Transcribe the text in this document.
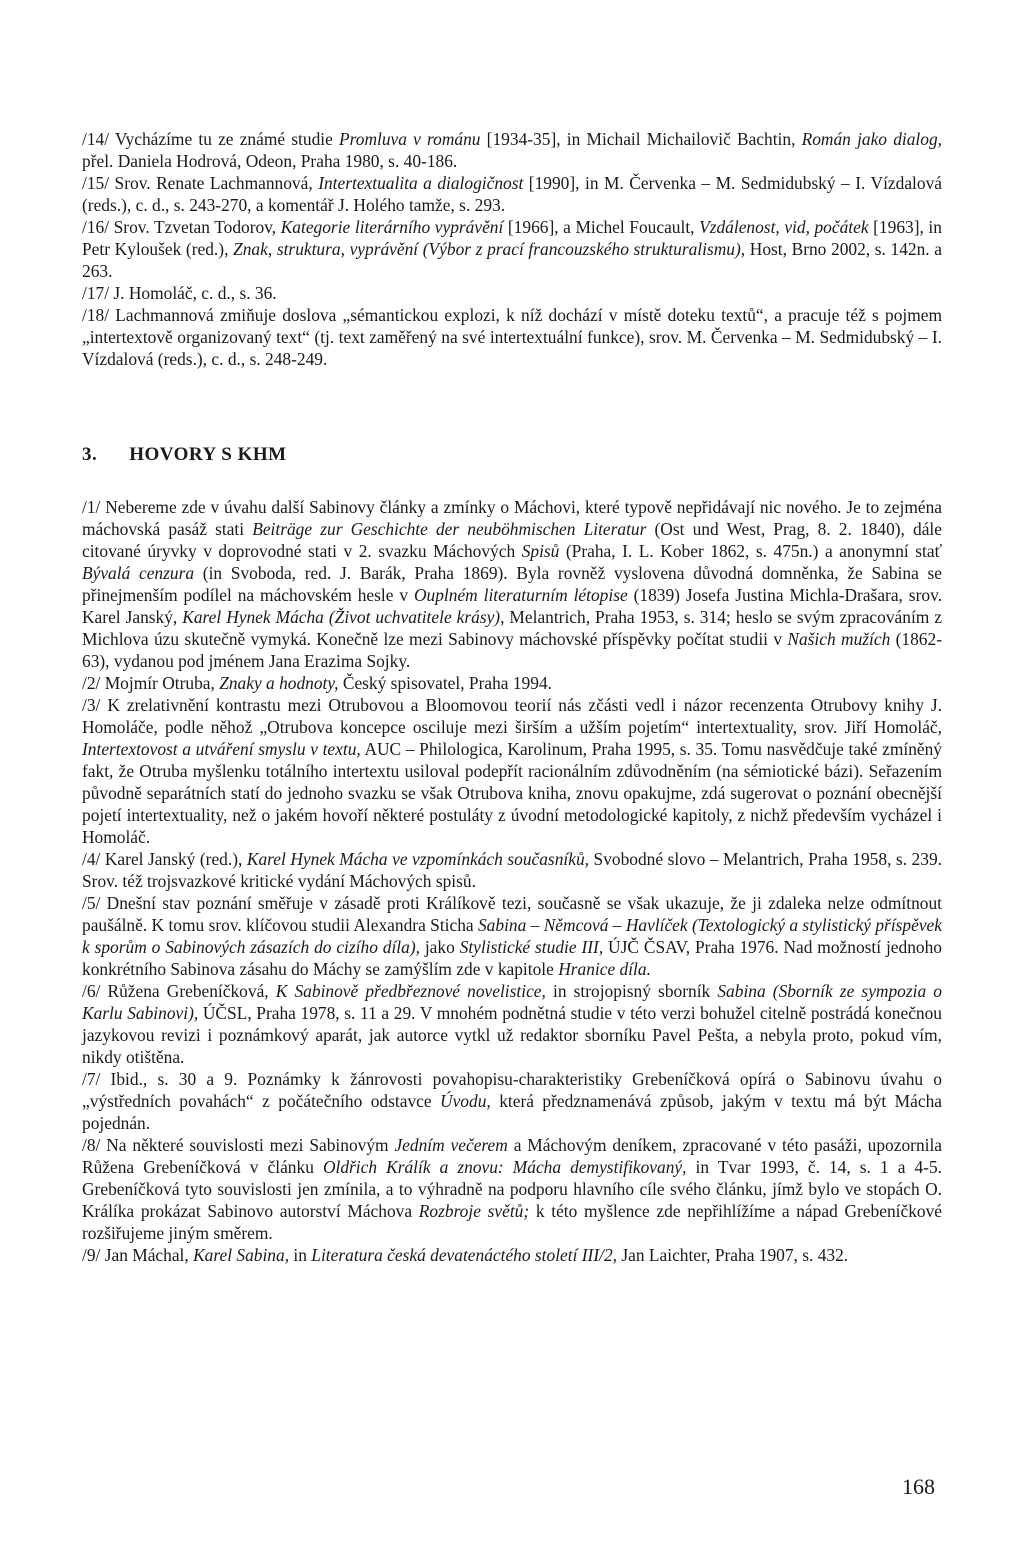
/14/ Vycházíme tu ze známé studie Promluva v románu [1934-35], in Michail Michailovič Bachtin, Román jako dialog, přel. Daniela Hodrová, Odeon, Praha 1980, s. 40-186.

/15/ Srov. Renate Lachmannová, Intertextualita a dialogičnost [1990], in M. Červenka – M. Sedmidubský – I. Vízdalová (reds.), c. d., s. 243-270, a komentář J. Holého tamže, s. 293.

/16/ Srov. Tzvetan Todorov, Kategorie literárního vyprávění [1966], a Michel Foucault, Vzdálenost, vid, počátek [1963], in Petr Kyloušek (red.), Znak, struktura, vyprávění (Výbor z prací francouzského strukturalismu), Host, Brno 2002, s. 142n. a 263.

/17/ J. Homoláč, c. d., s. 36.

/18/ Lachmannová zmiňuje doslova „sémantickou explozi, k níž dochází v místě doteku textů“, a pracuje též s pojmem „intertextově organizovaný text“ (tj. text zaměřený na své intertextuální funkce), srov. M. Červenka – M. Sedmidubský – I. Vízdalová (reds.), c. d., s. 248-249.

3. HOVORY S KHM

/1/ Nebereme zde v úvahu další Sabinovy články a zmínky o Máchovi, které typově nepřidávají nic nového. Je to zejména máchovská pasáž stati Beiträge zur Geschichte der neuböhmischen Literatur (Ost und West, Prag, 8. 2. 1840), dále citované úryvky v doprovodné stati v 2. svazku Máchových Spisů (Praha, I. L. Kober 1862, s. 475n.) a anonymní stať Bývalá cenzura (in Svoboda, red. J. Barák, Praha 1869). Byla rovněž vyslovena důvodná domněnka, že Sabina se přinejmenším podílel na máchovském hesle v Ouplném literaturním létopise (1839) Josefa Justina Michla-Drašara, srov. Karel Janský, Karel Hynek Mácha (Život uchvatitele krásy), Melantrich, Praha 1953, s. 314; heslo se svým zpracováním z Michlova úzu skutečně vymyká. Konečně lze mezi Sabinovy máchovské příspěvky počítat studii v Našich mužích (1862-63), vydanou pod jménem Jana Erazima Sojky.

/2/ Mojmír Otruba, Znaky a hodnoty, Český spisovatel, Praha 1994.

/3/ K zrelativnění kontrastu mezi Otrubovou a Bloomovou teorií nás zčásti vedl i názor recenzenta Otrubovy knihy J. Homoláče, podle něhož „Otrubova koncepce osciluje mezi širším a užším pojetím“ intertextuality, srov. Jiří Homoláč, Intertextovost a utváření smyslu v textu, AUC – Philologica, Karolinum, Praha 1995, s. 35. Tomu nasvědčuje také zmíněný fakt, že Otruba myšlenku totálního intertextu usiloval podepřít racionálním zdůvodněním (na sémiotické bázi). Seřazením původně separátních statí do jednoho svazku se však Otrubova kniha, znovu opakujme, zdá sugerovat o poznání obecnější pojetí intertextuality, než o jakém hovoří některé postuláty z úvodní metodologické kapitoly, z nichž především vycházel i Homoláč.

/4/ Karel Janský (red.), Karel Hynek Mácha ve vzpomínkách současníků, Svobodné slovo – Melantrich, Praha 1958, s. 239. Srov. též trojsvazkové kritické vydání Máchových spisů.

/5/ Dnešní stav poznání směřuje v zásadě proti Králíkově tezi, současně se však ukazuje, že ji zdaleka nelze odmítnout paušálně. K tomu srov. klíčovou studii Alexandra Sticha Sabina – Němcová – Havlíček (Textologický a stylistický příspěvek k sporům o Sabinových zásazích do cizího díla), jako Stylistické studie III, ÚJČ ČSAV, Praha 1976. Nad možností jednoho konkrétního Sabinova zásahu do Máchy se zamýšlím zde v kapitole Hranice díla.

/6/ Růžena Grebeníčková, K Sabinově předbřeznové novelistice, in strojopisný sborník Sabina (Sborník ze sympozia o Karlu Sabinovi), ÚČSL, Praha 1978, s. 11 a 29. V mnohém podnětná studie v této verzi bohužel citelně postrádá konečnou jazykovou revizi i poznámkový aparát, jak autorce vytkl už redaktor sborníku Pavel Pešta, a nebyla proto, pokud vím, nikdy otištěna.

/7/ Ibid., s. 30 a 9. Poznámky k žánrovosti povahopisu-charakteristiky Grebeníčková opírá o Sabinovu úvahu o „výstředních povahách“ z počátečního odstavce Úvodu, která předznamenává způsob, jakým v textu má být Mácha pojednán.

/8/ Na některé souvislosti mezi Sabinovým Jedním večerem a Máchovým deníkem, zpracované v této pasáži, upozornila Růžena Grebeníčková v článku Oldřich Králík a znovu: Mácha demystifikovaný, in Tvar 1993, č. 14, s. 1 a 4-5. Grebeníčková tyto souvislosti jen zmínila, a to výhradně na podporu hlavního cíle svého článku, jímž bylo ve stopách O. Králíka prokázat Sabinovo autorství Máchova Rozbroje světů; k této myšlence zde nepřihlížíme a nápad Grebeníčkové rozšiřujeme jiným směrem.

/9/ Jan Máchal, Karel Sabina, in Literatura česká devatenáctého století III/2, Jan Laichter, Praha 1907, s. 432.

168
